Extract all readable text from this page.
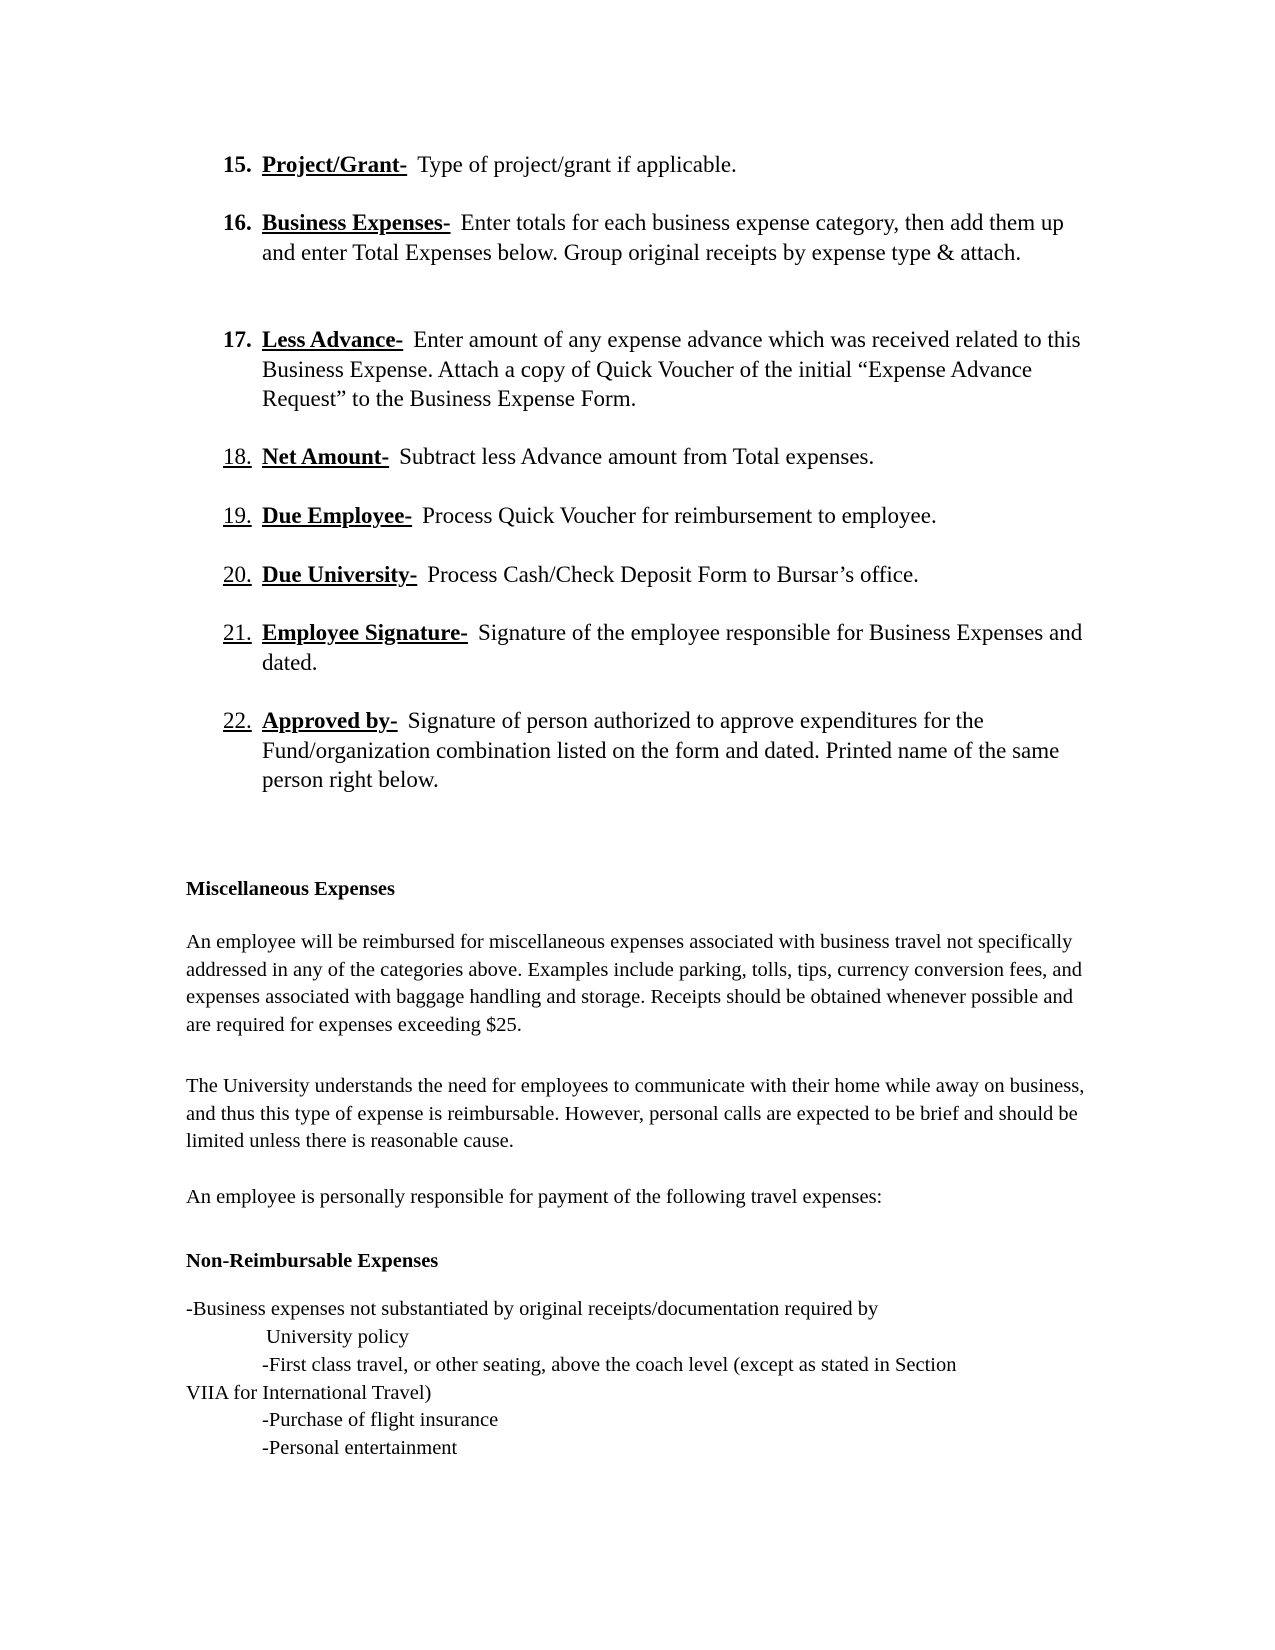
15. Project/Grant- Type of project/grant if applicable.
16. Business Expenses- Enter totals for each business expense category, then add them up and enter Total Expenses below. Group original receipts by expense type & attach.
17. Less Advance- Enter amount of any expense advance which was received related to this Business Expense. Attach a copy of Quick Voucher of the initial “Expense Advance Request” to the Business Expense Form.
18. Net Amount- Subtract less Advance amount from Total expenses.
19. Due Employee- Process Quick Voucher for reimbursement to employee.
20. Due University- Process Cash/Check Deposit Form to Bursar’s office.
21. Employee Signature- Signature of the employee responsible for Business Expenses and dated.
22. Approved by- Signature of person authorized to approve expenditures for the Fund/organization combination listed on the form and dated. Printed name of the same person right below.
Miscellaneous Expenses
An employee will be reimbursed for miscellaneous expenses associated with business travel not specifically addressed in any of the categories above. Examples include parking, tolls, tips, currency conversion fees, and expenses associated with baggage handling and storage. Receipts should be obtained whenever possible and are required for expenses exceeding $25.
The University understands the need for employees to communicate with their home while away on business, and thus this type of expense is reimbursable. However, personal calls are expected to be brief and should be limited unless there is reasonable cause.
An employee is personally responsible for payment of the following travel expenses:
Non-Reimbursable Expenses
-Business expenses not substantiated by original receipts/documentation required by
University policy
-First class travel, or other seating, above the coach level (except as stated in Section
VIIA for International Travel)
-Purchase of flight insurance
-Personal entertainment
